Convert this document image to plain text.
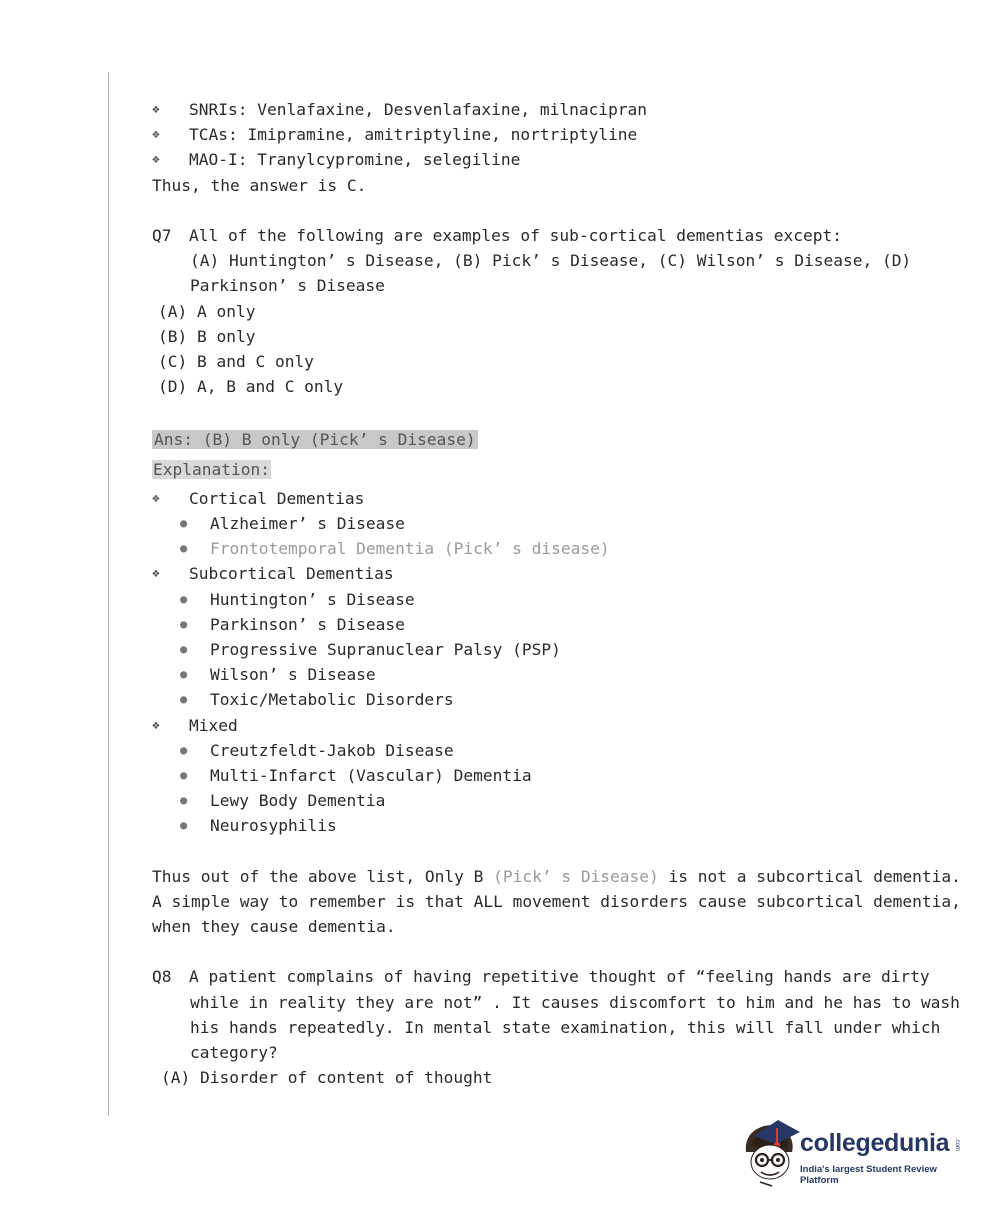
❖	SNRIs: Venlafaxine, Desvenlafaxine, milnacipran
❖	TCAs: Imipramine, amitriptyline, nortriptyline
❖	MAO-I: Tranylcypromine, selegiline
Thus, the answer is C.
Q7	All of the following are examples of sub-cortical dementias except:
(A) Huntington’ s Disease, (B) Pick’ s Disease, (C) Wilson’ s Disease, (D)
Parkinson’ s Disease
(A) A only
(B) B only
(C) B and C only
(D) A, B and C only
Ans: (B) B only (Pick’ s Disease)
Explanation:
❖	Cortical Dementias
●	Alzheimer’ s Disease
●	Frontotemporal Dementia (Pick’ s disease)
❖	Subcortical Dementias
●	Huntington’ s Disease
●	Parkinson’ s Disease
●	Progressive Supranuclear Palsy (PSP)
●	Wilson’ s Disease
●	Toxic/Metabolic Disorders
❖	Mixed
●	Creutzfeldt-Jakob Disease
●	Multi-Infarct (Vascular) Dementia
●	Lewy Body Dementia
●	Neurosyphilis
Thus out of the above list, Only B (Pick’ s Disease) is not a subcortical dementia.
A simple way to remember is that ALL movement disorders cause subcortical dementia,
when they cause dementia.
Q8	A patient complains of having repetitive thought of “feeling hands are dirty
while in reality they are not” . It causes discomfort to him and he has to wash
his hands repeatedly. In mental state examination, this will fall under which
category?
(A) Disorder of content of thought
collegedunia .com
India's largest Student Review Platform
